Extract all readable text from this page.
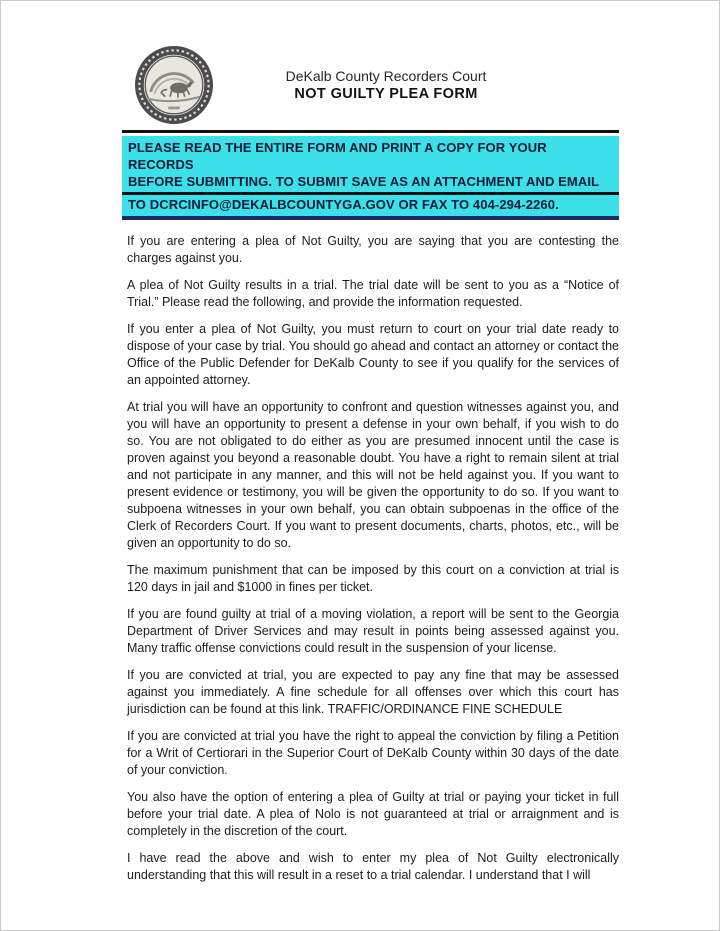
DeKalb County Recorders Court
NOT GUILTY PLEA FORM
PLEASE READ THE ENTIRE FORM AND PRINT A COPY FOR YOUR RECORDS
BEFORE SUBMITTING. TO SUBMIT SAVE AS AN ATTACHMENT AND EMAIL
TO DCRCINFO@DEKALBCOUNTYGA.GOV OR FAX TO 404-294-2260.

If you are entering a plea of Not Guilty, you are saying that you are contesting the charges against you.

A plea of Not Guilty results in a trial. The trial date will be sent to you as a “Notice of Trial.” Please read the following, and provide the information requested.

If you enter a plea of Not Guilty, you must return to court on your trial date ready to dispose of your case by trial. You should go ahead and contact an attorney or contact the Office of the Public Defender for DeKalb County to see if you qualify for the services of an appointed attorney.

At trial you will have an opportunity to confront and question witnesses against you, and you will have an opportunity to present a defense in your own behalf, if you wish to do so. You are not obligated to do either as you are presumed innocent until the case is proven against you beyond a reasonable doubt. You have a right to remain silent at trial and not participate in any manner, and this will not be held against you. If you want to present evidence or testimony, you will be given the opportunity to do so. If you want to subpoena witnesses in your own behalf, you can obtain subpoenas in the office of the Clerk of Recorders Court. If you want to present documents, charts, photos, etc., will be given an opportunity to do so.

The maximum punishment that can be imposed by this court on a conviction at trial is 120 days in jail and $1000 in fines per ticket.

If you are found guilty at trial of a moving violation, a report will be sent to the Georgia Department of Driver Services and may result in points being assessed against you. Many traffic offense convictions could result in the suspension of your license.

If you are convicted at trial, you are expected to pay any fine that may be assessed against you immediately. A fine schedule for all offenses over which this court has jurisdiction can be found at this link. TRAFFIC/ORDINANCE FINE SCHEDULE

If you are convicted at trial you have the right to appeal the conviction by filing a Petition for a Writ of Certiorari in the Superior Court of DeKalb County within 30 days of the date of your conviction.

You also have the option of entering a plea of Guilty at trial or paying your ticket in full before your trial date. A plea of Nolo is not guaranteed at trial or arraignment and is completely in the discretion of the court.

I have read the above and wish to enter my plea of Not Guilty electronically understanding that this will result in a reset to a trial calendar. I understand that I will
